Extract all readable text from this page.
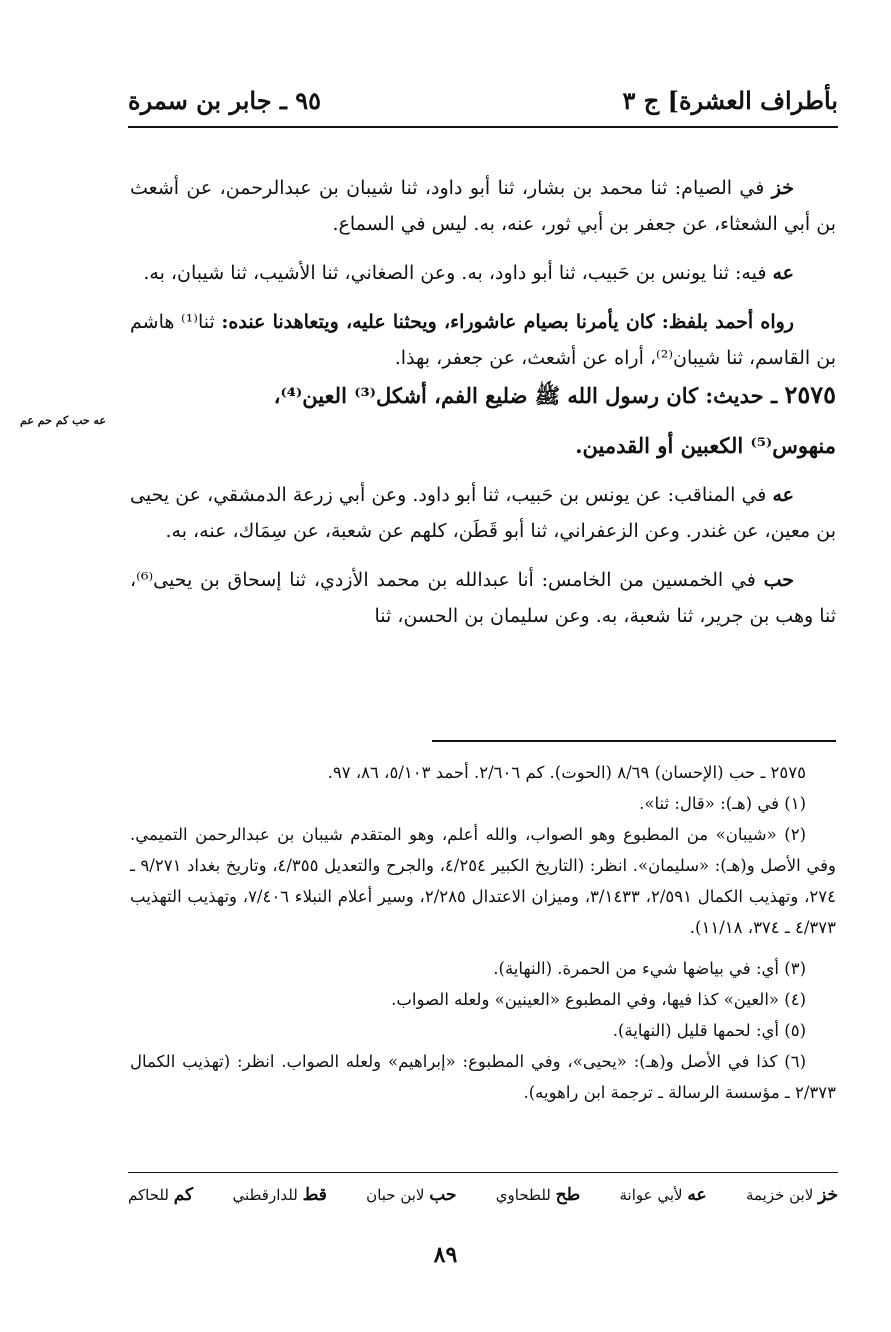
بأطراف العشرة] ج ٣
٩٥ ـ جابر بن سمرة

خز في الصيام: ثنا محمد بن بشار، ثنا أبو داود، ثنا شيبان بن عبدالرحمن، عن أشعث بن أبي الشعثاء، عن جعفر بن أبي ثور، عنه، به. ليس في السماع.

عه فيه: ثنا يونس بن حَبيب، ثنا أبو داود، به. وعن الصغاني، ثنا الأشيب، ثنا شيبان، به.

رواه أحمد بلفظ: كان يأمرنا بصيام عاشوراء، ويحثنا عليه، ويتعاهدنا عنده: ثنا⁽¹⁾ هاشم بن القاسم، ثنا شيبان⁽²⁾، أراه عن أشعث، عن جعفر، بهذا.

٢٥٧٥ ـ حديث: كان رسول الله ﷺ ضليع الفم، أشكل⁽³⁾ العين⁽⁴⁾،
عه حب كم حم عم
منهوس⁽⁵⁾ الكعبين أو القدمين.

عه في المناقب: عن يونس بن حَبيب، ثنا أبو داود. وعن أبي زرعة الدمشقي، عن يحيى بن معين، عن غندر. وعن الزعفراني، ثنا أبو قَطَن، كلهم عن شعبة، عن سِمَاك، عنه، به.

حب في الخمسين من الخامس: أنا عبدالله بن محمد الأزدي، ثنا إسحاق بن يحيى⁽⁶⁾، ثنا وهب بن جرير، ثنا شعبة، به. وعن سليمان بن الحسن، ثنا

٢٥٧٥ ـ حب (الإحسان) ٨/٦٩ (الحوت). كم ٢/٦٠٦. أحمد ٥/١٠٣، ٨٦، ٩٧.

(١) في (هـ): «قال: ثنا».

(٢) «شيبان» من المطبوع وهو الصواب، والله أعلم، وهو المتقدم شيبان بن عبدالرحمن التميمي. وفي الأصل و(هـ): «سليمان». انظر: (التاريخ الكبير ٤/٢٥٤، والجرح والتعديل ٤/٣٥٥، وتاريخ بغداد ٩/٢٧١ ـ ٢٧٤، وتهذيب الكمال ٢/٥٩١، ٣/١٤٣٣، وميزان الاعتدال ٢/٢٨٥، وسير أعلام النبلاء ٧/٤٠٦، وتهذيب التهذيب ٤/٣٧٣ ـ ٣٧٤، ١١/١٨).

(٣) أي: في بياضها شيء من الحمرة. (النهاية).

(٤) «العين» كذا فيها، وفي المطبوع «العينين» ولعله الصواب.

(٥) أي: لحمها قليل (النهاية).

(٦) كذا في الأصل و(هـ): «يحيى»، وفي المطبوع: «إبراهيم» ولعله الصواب. انظر: (تهذيب الكمال ٢/٣٧٣ ـ مؤسسة الرسالة ـ ترجمة ابن راهويه).

خز لابن خزيمة
عه لأبي عوانة
طح للطحاوي
حب لابن حبان
قط للدارقطني
كم للحاكم
٨٩
